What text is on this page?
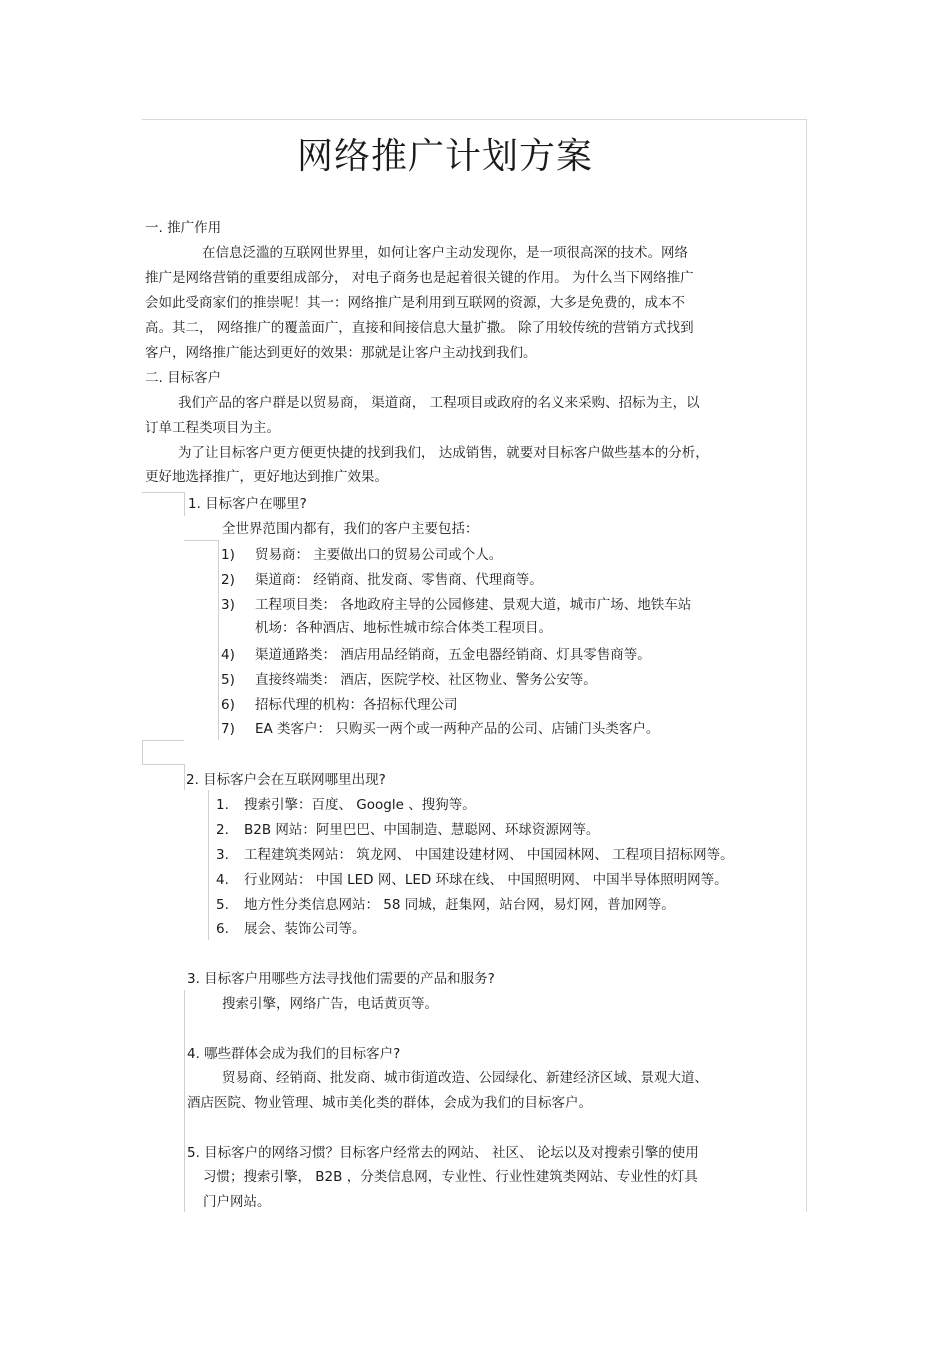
网络推广计划方案
一. 推广作用
在信息泛滥的互联网世界里，如何让客户主动发现你，是一项很高深的技术。网络
推广是网络营销的重要组成部分， 对电子商务也是起着很关键的作用。 为什么当下网络推广
会如此受商家们的推崇呢！其一：网络推广是利用到互联网的资源，大多是免费的，成本不
高。其二， 网络推广的覆盖面广，直接和间接信息大量扩撒。 除了用较传统的营销方式找到
客户，网络推广能达到更好的效果：那就是让客户主动找到我们。
二. 目标客户
我们产品的客户群是以贸易商， 渠道商， 工程项目或政府的名义来采购、招标为主，以
订单工程类项目为主。
为了让目标客户更方便更快捷的找到我们， 达成销售，就要对目标客户做些基本的分析，
更好地选择推广，更好地达到推广效果。
1. 目标客户在哪里?
全世界范围内都有，我们的客户主要包括：
1) 贸易商： 主要做出口的贸易公司或个人。
2) 渠道商： 经销商、批发商、零售商、代理商等。
3) 工程项目类： 各地政府主导的公园修建、景观大道，城市广场、地铁车站
机场：各种酒店、地标性城市综合体类工程项目。
4) 渠道通路类： 酒店用品经销商，五金电器经销商、灯具零售商等。
5) 直接终端类： 酒店，医院学校、社区物业、警务公安等。
6) 招标代理的机构：各招标代理公司
7) EA 类客户： 只购买一两个或一两种产品的公司、店铺门头类客户。
2. 目标客户会在互联网哪里出现?
1. 搜索引擎：百度、 Google 、搜狗等。
2. B2B 网站：阿里巴巴、中国制造、慧聪网、环球资源网等。
3. 工程建筑类网站： 筑龙网、 中国建设建材网、 中国园林网、 工程项目招标网等。
4. 行业网站： 中国 LED 网、LED 环球在线、 中国照明网、 中国半导体照明网等。
5. 地方性分类信息网站： 58 同城，赶集网，站台网，易灯网，普加网等。
6. 展会、装饰公司等。
3. 目标客户用哪些方法寻找他们需要的产品和服务?
搜索引擎，网络广告，电话黄页等。
4. 哪些群体会成为我们的目标客户?
贸易商、经销商、批发商、城市街道改造、公园绿化、新建经济区域、景观大道、
酒店医院、物业管理、城市美化类的群体，会成为我们的目标客户。
5. 目标客户的网络习惯？目标客户经常去的网站、 社区、 论坛以及对搜索引擎的使用
习惯；搜索引擎， B2B ，分类信息网，专业性、行业性建筑类网站、专业性的灯具
门户网站。
